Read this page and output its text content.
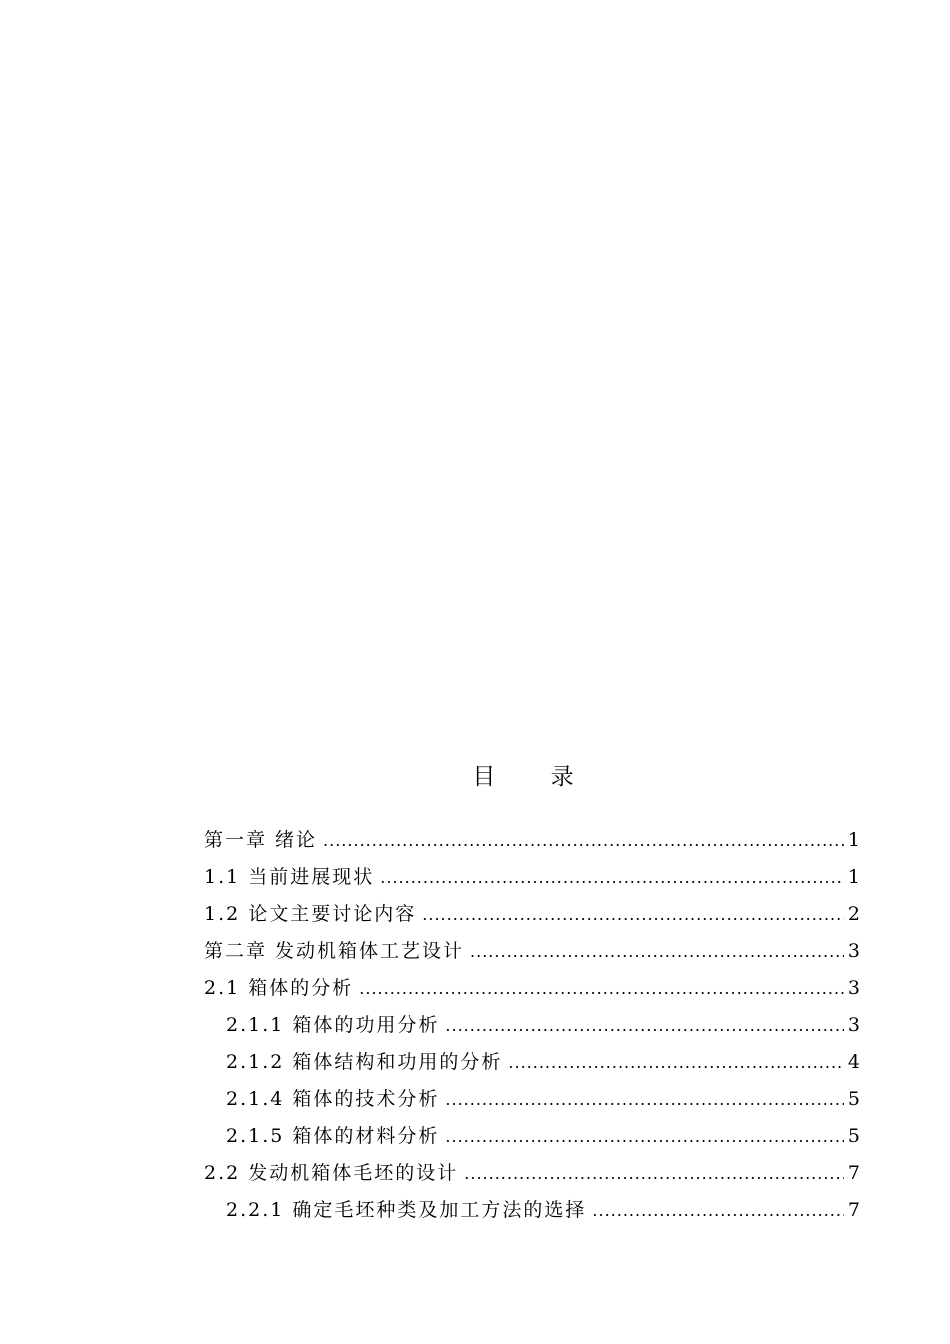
目 录
第一章 绪论 .....	1
1.1 当前进展现状 .....	1
1.2 论文主要讨论内容 .....	2
第二章 发动机箱体工艺设计 .....	3
2.1 箱体的分析 .....	3
2.1.1 箱体的功用分析 .....	3
2.1.2 箱体结构和功用的分析 .....	4
2.1.4 箱体的技术分析 .....	5
2.1.5 箱体的材料分析 .....	5
2.2 发动机箱体毛坯的设计 .....	7
2.2.1 确定毛坯种类及加工方法的选择 .....	7
